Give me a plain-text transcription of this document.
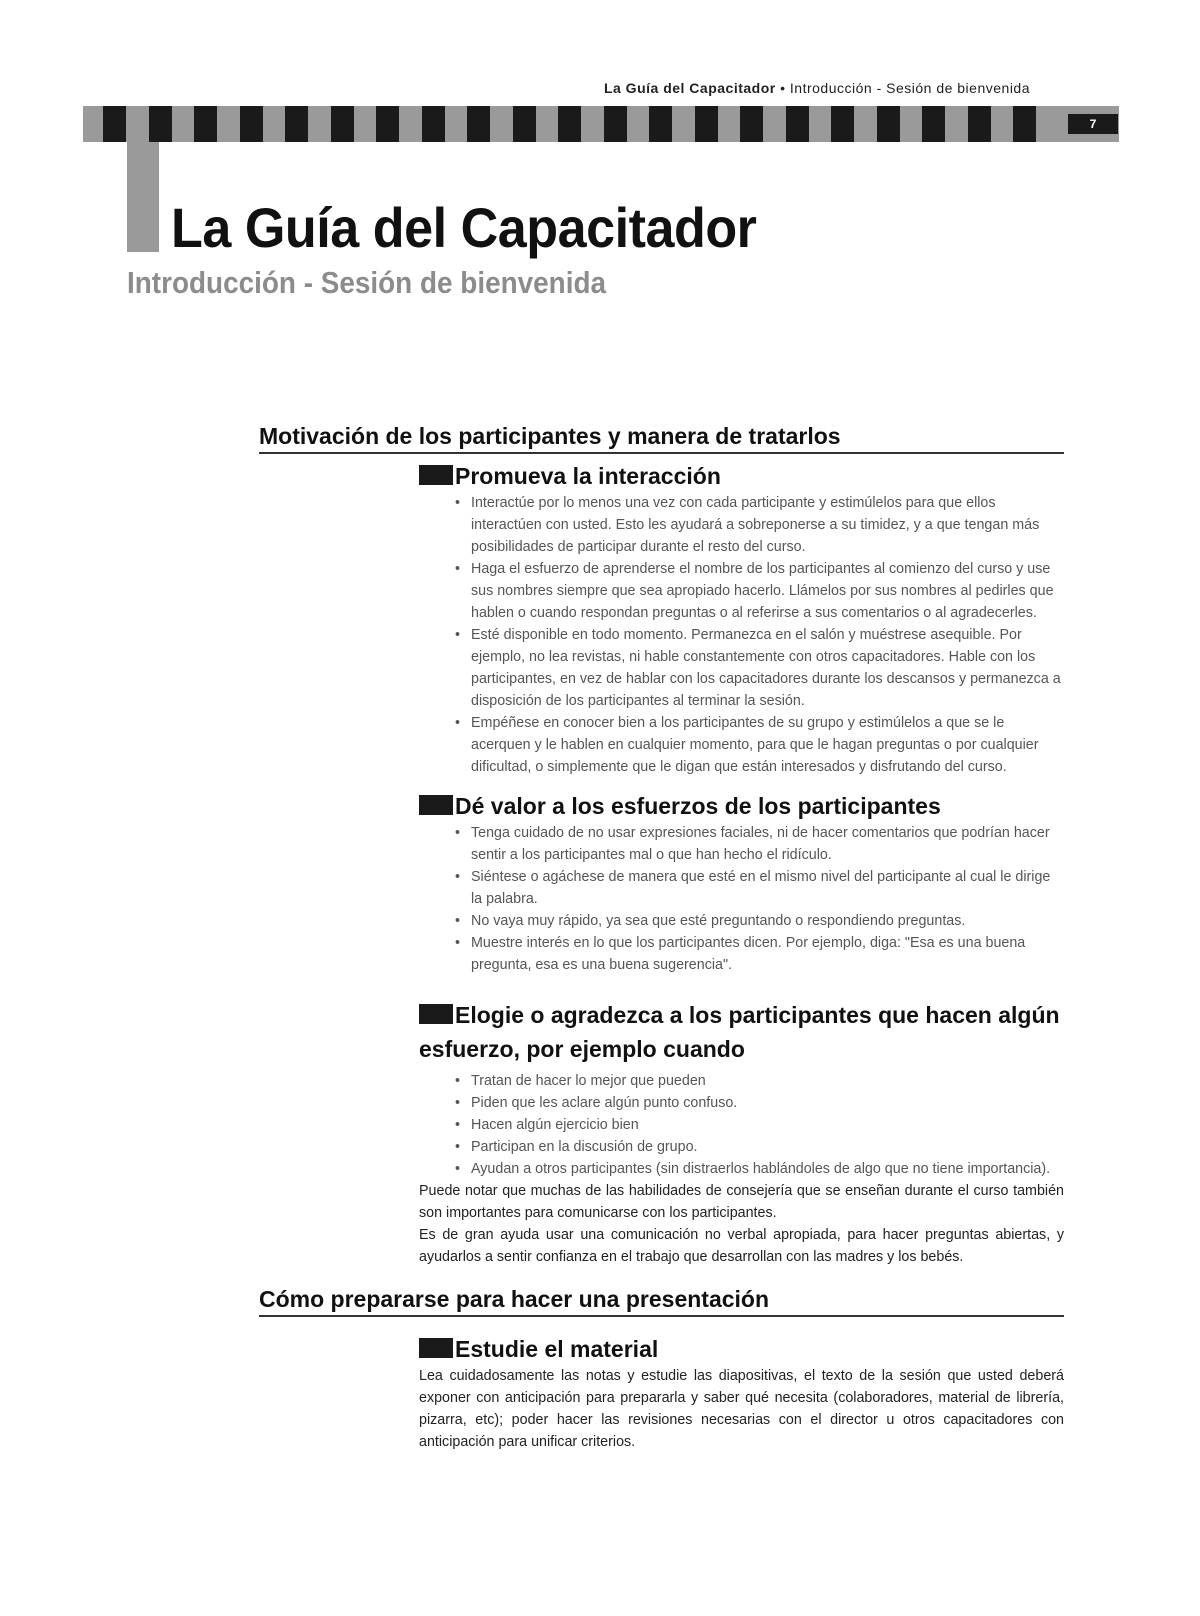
La Guía del Capacitador • Introducción - Sesión de bienvenida
7
La Guía del Capacitador
Introducción - Sesión de bienvenida
Motivación de los participantes y manera de tratarlos
Promueva la interacción
• Interactúe por lo menos una vez con cada participante y estimúlelos para que ellos interactúen con usted. Esto les ayudará a sobreponerse a su timidez, y a que tengan más posibilidades de participar durante el resto del curso.
• Haga el esfuerzo de aprenderse el nombre de los participantes al comienzo del curso y use sus nombres siempre que sea apropiado hacerlo. Llámelos por sus nombres al pedirles que hablen o cuando respondan preguntas o al referirse a sus comentarios o al agradecerles.
• Esté disponible en todo momento. Permanezca en el salón y muéstrese asequible. Por ejemplo, no lea revistas, ni hable constantemente con otros capacitadores. Hable con los participantes, en vez de hablar con los capacitadores durante los descansos y permanezca a disposición de los participantes al terminar la sesión.
• Empéñese en conocer bien a los participantes de su grupo y estimúlelos a que se le acerquen y le hablen en cualquier momento, para que le hagan preguntas o por cualquier dificultad, o simplemente que le digan que están interesados y disfrutando del curso.
Dé valor a los esfuerzos de los participantes
• Tenga cuidado de no usar expresiones faciales, ni de hacer comentarios que podrían hacer sentir a los participantes mal o que han hecho el ridículo.
• Siéntese o agáchese de manera que esté en el mismo nivel del participante al cual le dirige la palabra.
• No vaya muy rápido, ya sea que esté preguntando o respondiendo preguntas.
• Muestre interés en lo que los participantes dicen. Por ejemplo, diga: "Esa es una buena pregunta, esa es una buena sugerencia".
Elogie o agradezca a los participantes que hacen algún esfuerzo, por ejemplo cuando
• Tratan de hacer lo mejor que pueden
• Piden que les aclare algún punto confuso.
• Hacen algún ejercicio bien
• Participan en la discusión de grupo.
• Ayudan a otros participantes (sin distraerlos hablándoles de algo que no tiene importancia).

Puede notar que muchas de las habilidades de consejería que se enseñan durante el curso también son importantes para comunicarse con los participantes.

Es de gran ayuda usar una comunicación no verbal apropiada, para hacer preguntas abiertas, y ayudarlos a sentir confianza en el trabajo que desarrollan con las madres y los bebés.

Cómo prepararse para hacer una presentación
Estudie el material

Lea cuidadosamente las notas y estudie las diapositivas, el texto de la sesión que usted deberá exponer con anticipación para prepararla y saber qué necesita (colaboradores, material de librería, pizarra, etc); poder hacer las revisiones necesarias con el director u otros capacitadores con anticipación para unificar criterios.
